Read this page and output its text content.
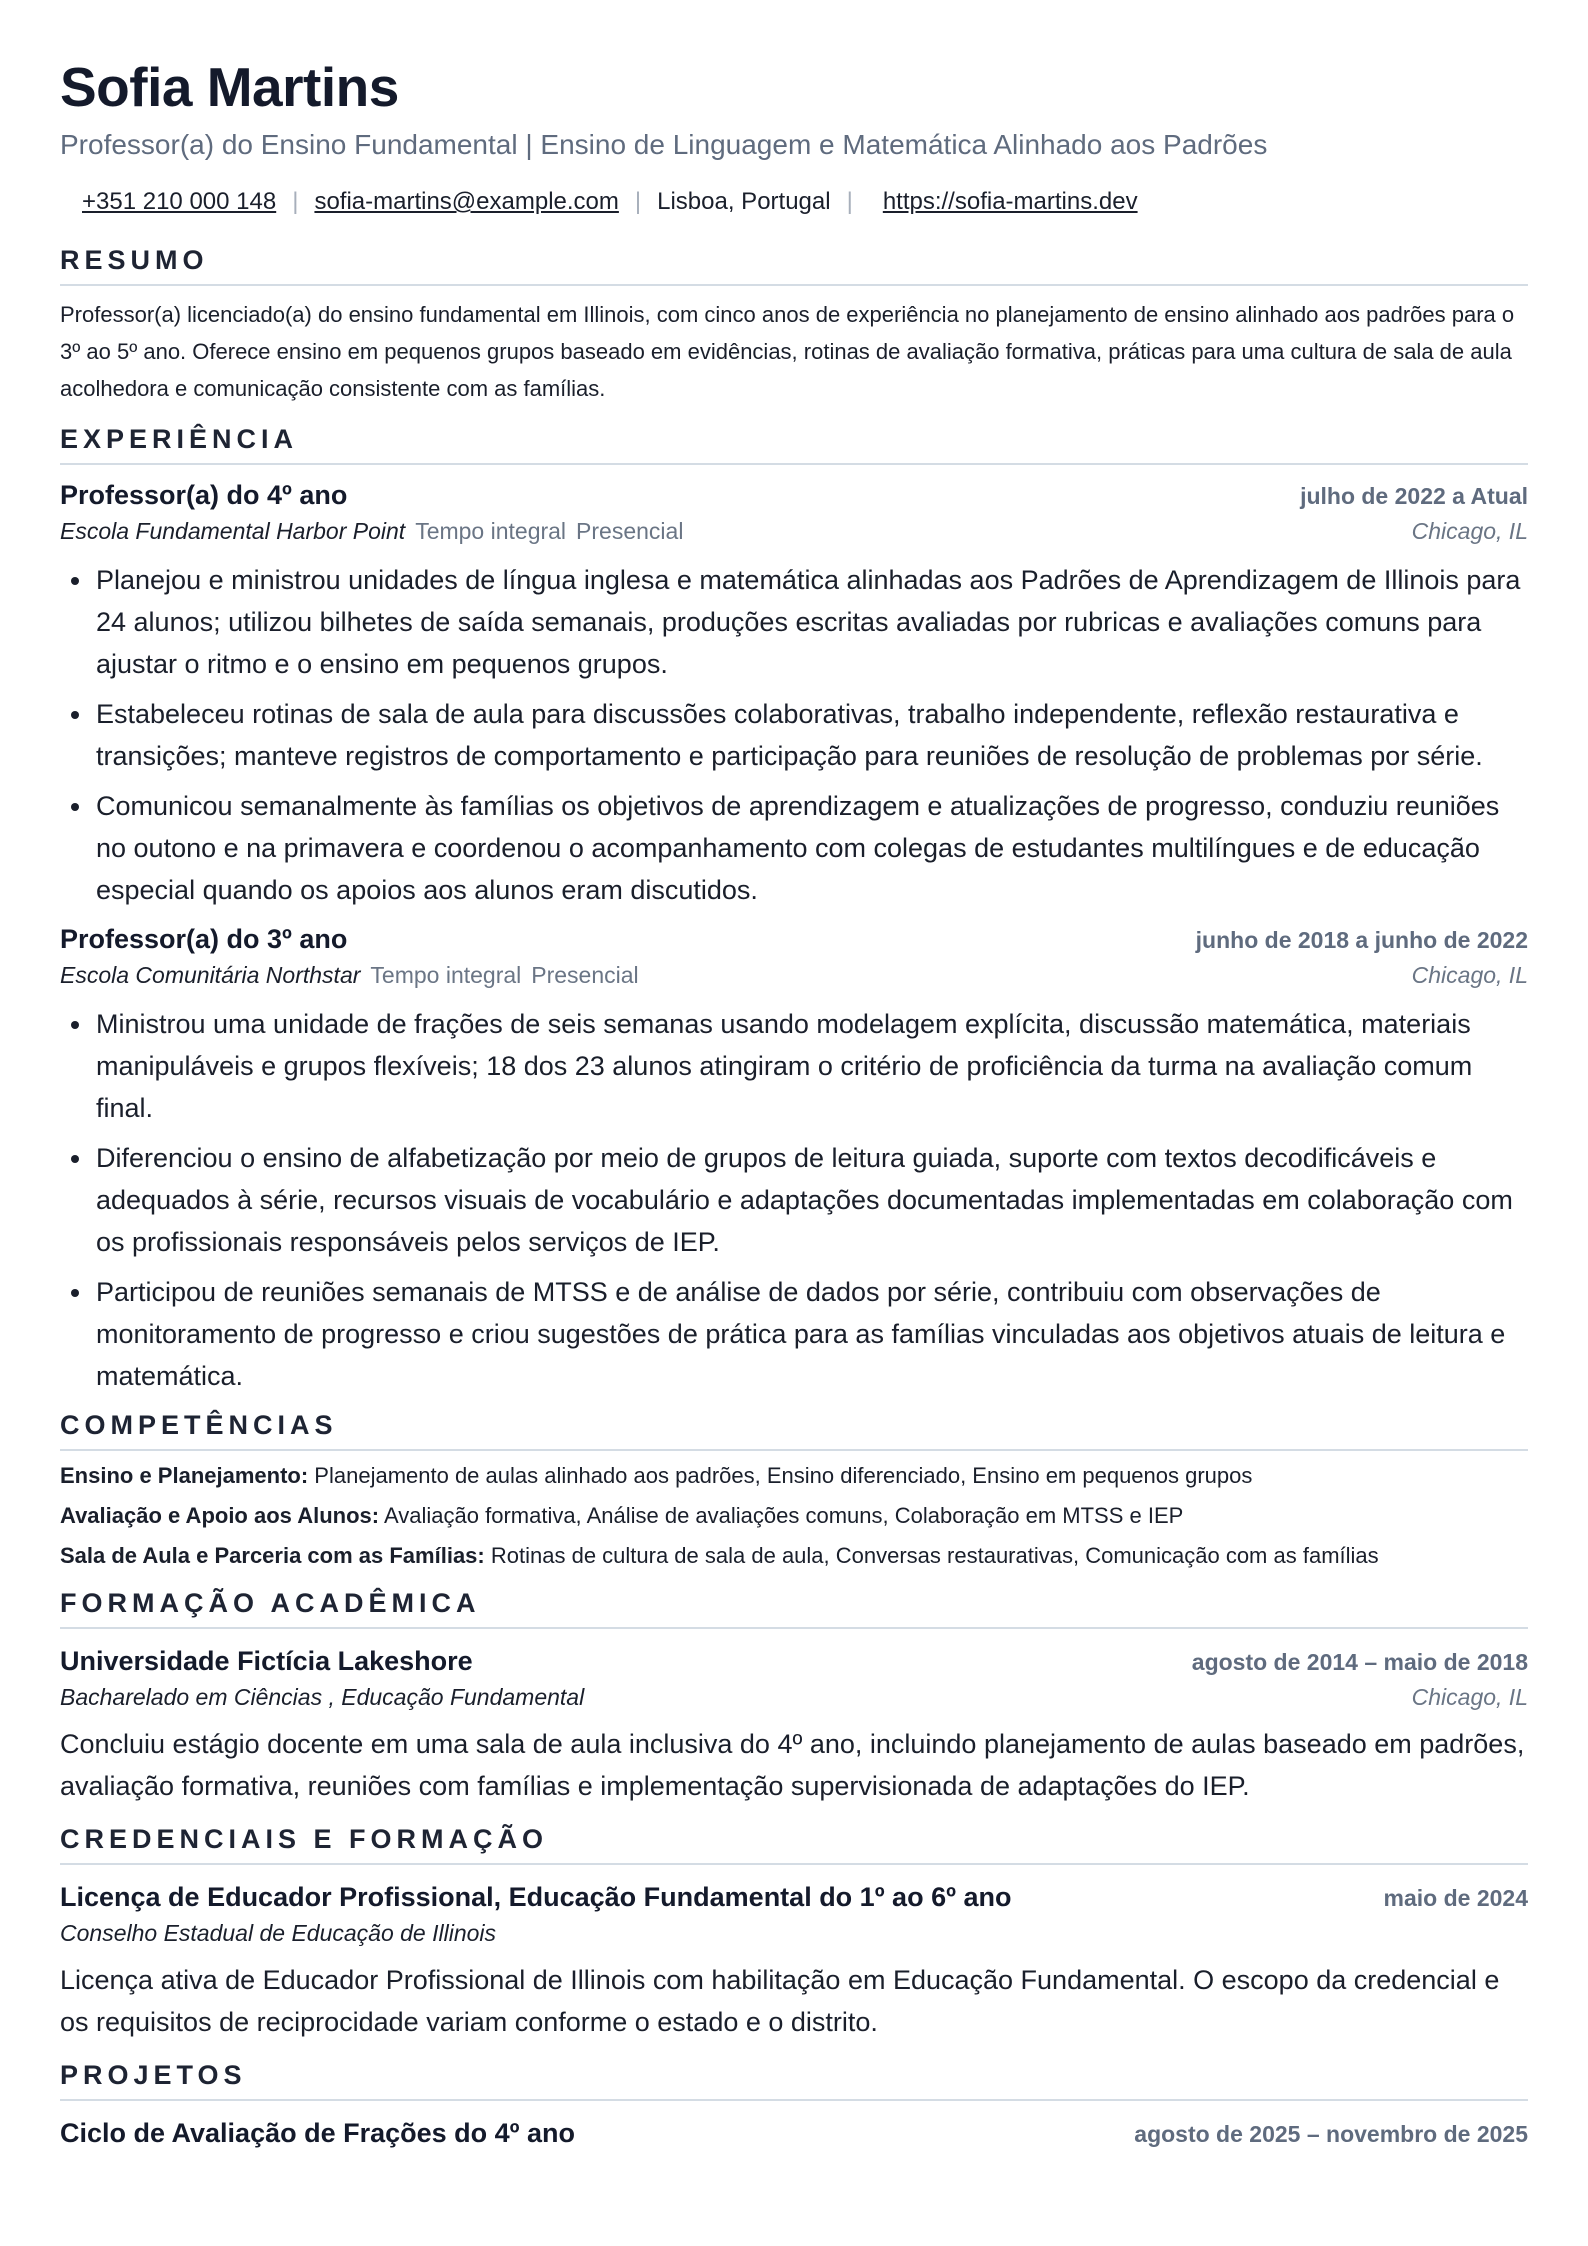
Sofia Martins
Professor(a) do Ensino Fundamental | Ensino de Linguagem e Matemática Alinhado aos Padrões
+351 210 000 148 | sofia-martins@example.com | Lisboa, Portugal | https://sofia-martins.dev
RESUMO
Professor(a) licenciado(a) do ensino fundamental em Illinois, com cinco anos de experiência no planejamento de ensino alinhado aos padrões para o 3º ao 5º ano. Oferece ensino em pequenos grupos baseado em evidências, rotinas de avaliação formativa, práticas para uma cultura de sala de aula acolhedora e comunicação consistente com as famílias.
EXPERIÊNCIA
Professor(a) do 4º ano	julho de 2022 a Atual
Escola Fundamental Harbor Point Tempo integral Presencial	Chicago, IL
• Planejou e ministrou unidades de língua inglesa e matemática alinhadas aos Padrões de Aprendizagem de Illinois para 24 alunos; utilizou bilhetes de saída semanais, produções escritas avaliadas por rubricas e avaliações comuns para ajustar o ritmo e o ensino em pequenos grupos.
• Estabeleceu rotinas de sala de aula para discussões colaborativas, trabalho independente, reflexão restaurativa e transições; manteve registros de comportamento e participação para reuniões de resolução de problemas por série.
• Comunicou semanalmente às famílias os objetivos de aprendizagem e atualizações de progresso, conduziu reuniões no outono e na primavera e coordenou o acompanhamento com colegas de estudantes multilíngues e de educação especial quando os apoios aos alunos eram discutidos.
Professor(a) do 3º ano	junho de 2018 a junho de 2022
Escola Comunitária Northstar Tempo integral Presencial	Chicago, IL
• Ministrou uma unidade de frações de seis semanas usando modelagem explícita, discussão matemática, materiais manipuláveis e grupos flexíveis; 18 dos 23 alunos atingiram o critério de proficiência da turma na avaliação comum final.
• Diferenciou o ensino de alfabetização por meio de grupos de leitura guiada, suporte com textos decodificáveis e adequados à série, recursos visuais de vocabulário e adaptações documentadas implementadas em colaboração com os profissionais responsáveis pelos serviços de IEP.
• Participou de reuniões semanais de MTSS e de análise de dados por série, contribuiu com observações de monitoramento de progresso e criou sugestões de prática para as famílias vinculadas aos objetivos atuais de leitura e matemática.
COMPETÊNCIAS
Ensino e Planejamento: Planejamento de aulas alinhado aos padrões, Ensino diferenciado, Ensino em pequenos grupos
Avaliação e Apoio aos Alunos: Avaliação formativa, Análise de avaliações comuns, Colaboração em MTSS e IEP
Sala de Aula e Parceria com as Famílias: Rotinas de cultura de sala de aula, Conversas restaurativas, Comunicação com as famílias
FORMAÇÃO ACADÊMICA
Universidade Fictícia Lakeshore	agosto de 2014 – maio de 2018
Bacharelado em Ciências , Educação Fundamental	Chicago, IL
Concluiu estágio docente em uma sala de aula inclusiva do 4º ano, incluindo planejamento de aulas baseado em padrões, avaliação formativa, reuniões com famílias e implementação supervisionada de adaptações do IEP.
CREDENCIAIS E FORMAÇÃO
Licença de Educador Profissional, Educação Fundamental do 1º ao 6º ano	maio de 2024
Conselho Estadual de Educação de Illinois
Licença ativa de Educador Profissional de Illinois com habilitação em Educação Fundamental. O escopo da credencial e os requisitos de reciprocidade variam conforme o estado e o distrito.
PROJETOS
Ciclo de Avaliação de Frações do 4º ano	agosto de 2025 – novembro de 2025
